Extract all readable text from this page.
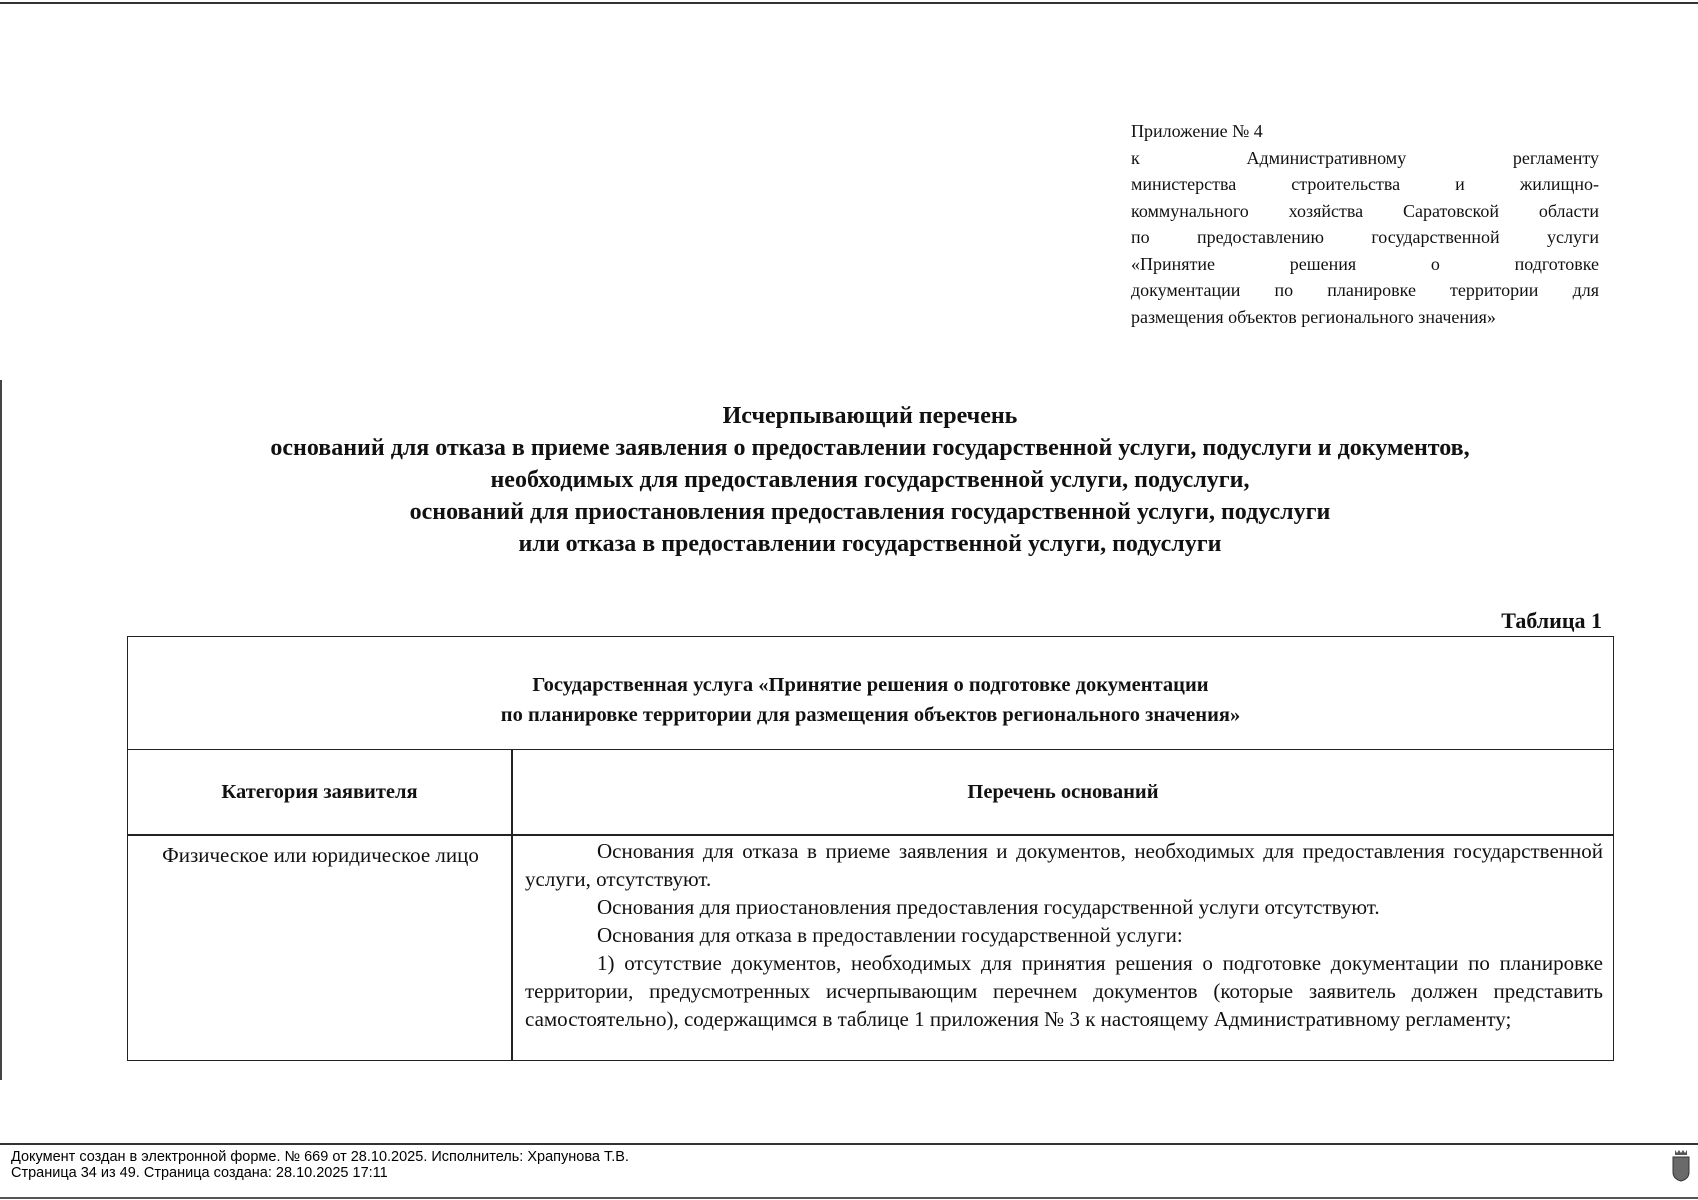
Приложение № 4
к Административному регламенту
министерства строительства и жилищно-
коммунального хозяйства Саратовской области
по предоставлению государственной услуги
«Принятие решения о подготовке
документации по планировке территории для
размещения объектов регионального значения»
Исчерпывающий перечень
оснований для отказа в приеме заявления о предоставлении государственной услуги, подуслуги и документов,
необходимых для предоставления государственной услуги, подуслуги,
оснований для приостановления предоставления государственной услуги, подуслуги
или отказа в предоставлении государственной услуги, подуслуги
Таблица 1
Государственная услуга «Принятие решения о подготовке документации
по планировке территории для размещения объектов регионального значения»
Категория заявителя	Перечень оснований
Физическое или юридическое лицо	Основания для отказа в приеме заявления и документов, необходимых для предоставления государственной услуги, отсутствуют.

Основания для приостановления предоставления государственной услуги отсутствуют.

Основания для отказа в предоставлении государственной услуги:

1) отсутствие документов, необходимых для принятия решения о подготовке документации по планировке территории, предусмотренных исчерпывающим перечнем документов (которые заявитель должен представить самостоятельно), содержащимся в таблице 1 приложения № 3 к настоящему Административному регламенту;

Документ создан в электронной форме. № 669 от 28.10.2025. Исполнитель: Храпунова Т.В.
Страница 34 из 49. Страница создана: 28.10.2025 17:11
